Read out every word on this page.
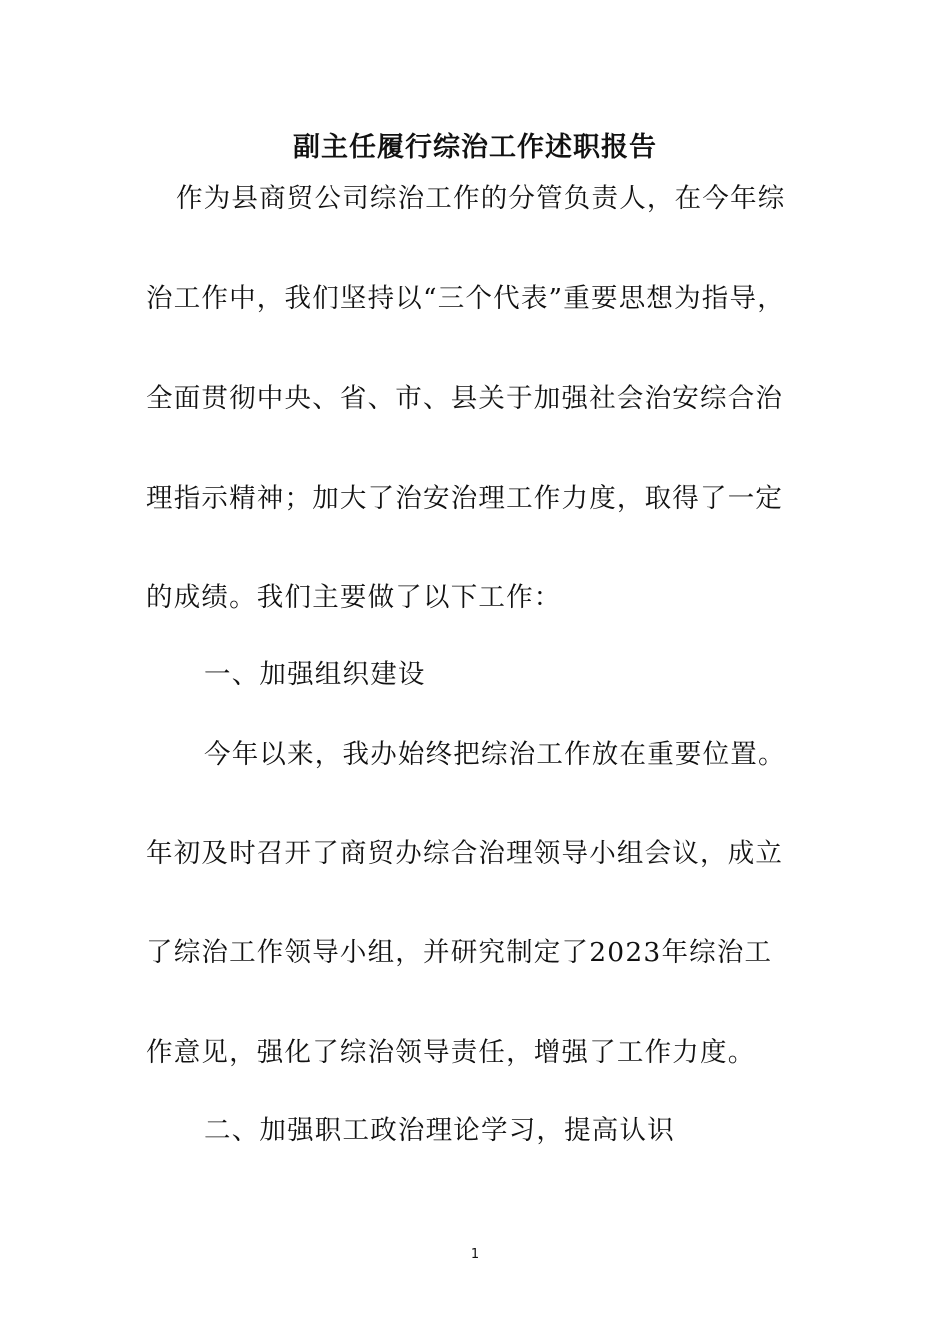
副主任履行综治工作述职报告

作为县商贸公司综治工作的分管负责人，在今年综

治工作中，我们坚持以“三个代表”重要思想为指导，

全面贯彻中央、省、市、县关于加强社会治安综合治

理指示精神；加大了治安治理工作力度，取得了一定

的成绩。我们主要做了以下工作：

一、加强组织建设

今年以来，我办始终把综治工作放在重要位置。

年初及时召开了商贸办综合治理领导小组会议，成立

了综治工作领导小组，并研究制定了2023年综治工

作意见，强化了综治领导责任，增强了工作力度。

二、加强职工政治理论学习，提高认识

1
